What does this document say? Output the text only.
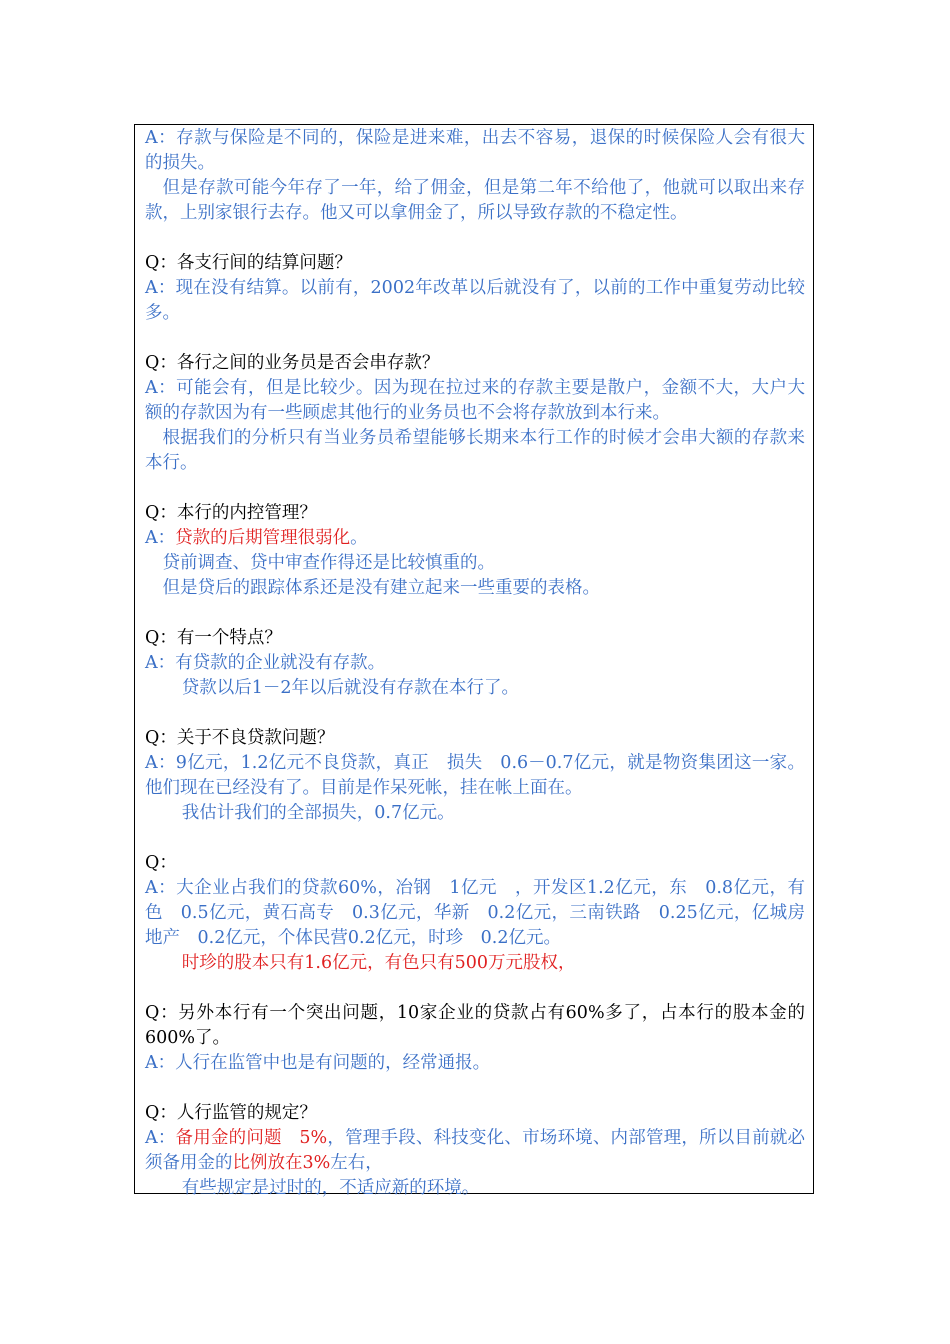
A：存款与保险是不同的，保险是进来难，出去不容易，退保的时候保险人会有很大的损失。

但是存款可能今年存了一年，给了佣金，但是第二年不给他了，他就可以取出来存款，上别家银行去存。他又可以拿佣金了，所以导致存款的不稳定性。

Q：各支行间的结算问题？

A：现在没有结算。以前有，2002年改革以后就没有了，以前的工作中重复劳动比较多。

Q：各行之间的业务员是否会串存款？

A：可能会有，但是比较少。因为现在拉过来的存款主要是散户，金额不大，大户大额的存款因为有一些顾虑其他行的业务员也不会将存款放到本行来。

根据我们的分析只有当业务员希望能够长期来本行工作的时候才会串大额的存款来本行。

Q：本行的内控管理？

A：贷款的后期管理很弱化。

贷前调查、贷中审查作得还是比较慎重的。

但是贷后的跟踪体系还是没有建立起来一些重要的表格。

Q：有一个特点？

A：有贷款的企业就没有存款。

贷款以后1－2年以后就没有存款在本行了。

Q：关于不良贷款问题？

A：9亿元，1.2亿元不良贷款，真正　损失　0.6－0.7亿元，就是物资集团这一家。他们现在已经没有了。目前是作呆死帐，挂在帐上面在。

我估计我们的全部损失，0.7亿元。

Q：

A：大企业占我们的贷款60%，冶钢　1亿元　，开发区1.2亿元，东　0.8亿元，有色　0.5亿元，黄石高专　0.3亿元，华新　0.2亿元，三南铁路　0.25亿元，亿城房地产　0.2亿元，个体民营0.2亿元，时珍　0.2亿元。

时珍的股本只有1.6亿元，有色只有500万元股权，

Q：另外本行有一个突出问题，10家企业的贷款占有60%多了，占本行的股本金的600%了。

A：人行在监管中也是有问题的，经常通报。

Q：人行监管的规定？

A：备用金的问题　5%，管理手段、科技变化、市场环境、内部管理，所以目前就必须备用金的比例放在3%左右，

有些规定是过时的，不适应新的环境。
